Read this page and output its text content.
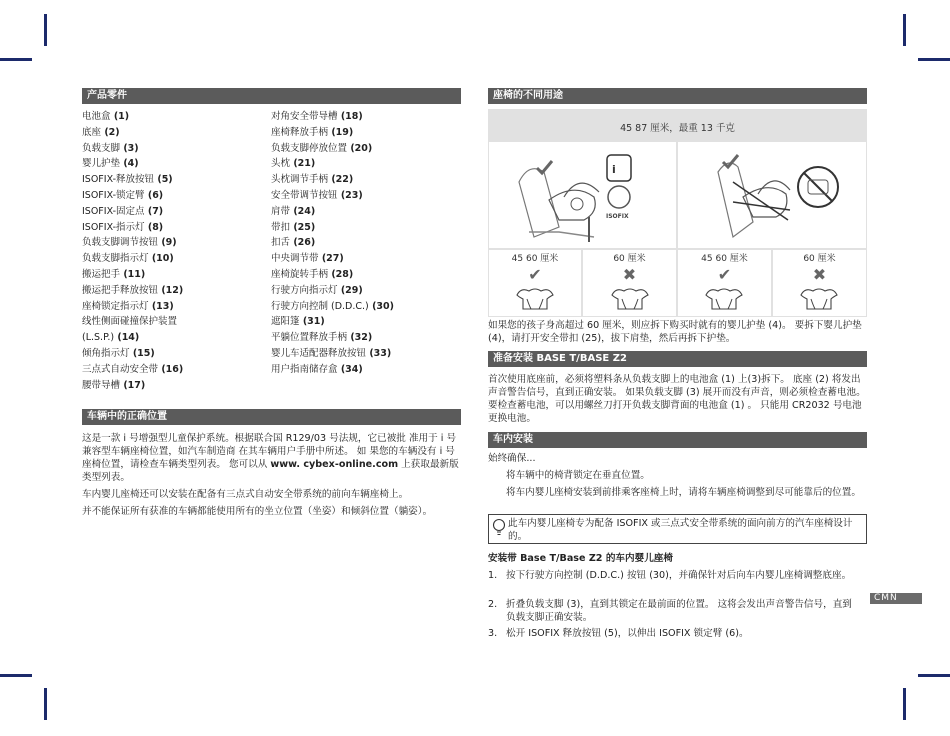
产品零件
电池盒 (1)
底座 (2)
负载支脚 (3)
婴儿护垫 (4)
ISOFIX-释放按钮 (5)
ISOFIX-锁定臂 (6)
ISOFIX-固定点 (7)
ISOFIX-指示灯 (8)
负载支脚调节按钮 (9)
负载支脚指示灯 (10)
搬运把手 (11)
搬运把手释放按钮 (12)
座椅锁定指示灯 (13)
线性侧面碰撞保护装置
(L.S.P.) (14)
倾角指示灯 (15)
三点式自动安全带 (16)
腰带导槽 (17)
对角安全带导槽 (18)
座椅释放手柄 (19)
负载支脚停放位置 (20)
头枕 (21)
头枕调节手柄 (22)
安全带调节按钮 (23)
肩带 (24)
带扣 (25)
扣舌 (26)
中央调节带 (27)
座椅旋转手柄 (28)
行驶方向指示灯 (29)
行驶方向控制 (D.D.C.) (30)
遮阳篷 (31)
平躺位置释放手柄 (32)
婴儿车适配器释放按钮 (33)
用户指南储存盒 (34)
车辆中的正确位置

这是一款 i 号增强型儿童保护系统。根据联合国 R129/03 号法规，它已被批 准用于 i 号兼容型车辆座椅位置，如汽车制造商 在其车辆用户手册中所述。 如 果您的车辆没有 i 号座椅位置，请检查车辆类型列表。 您可以从 www. cybex-online.com 上获取最新版类型列表。

车内婴儿座椅还可以安装在配备有三点式自动安全带系统的前向车辆座椅上。

并不能保证所有获准的车辆都能使用所有的坐立位置（坐姿）和倾斜位置（躺姿）。

座椅的不同用途
45 87 厘米，最重 13 千克
i
ISOFIX
45 60 厘米	60 厘米	45 60 厘米	60 厘米
✔	✖	✔	✖
如果您的孩子身高超过 60 厘米，则应拆下购买时就有的婴儿护垫 (4)。 要拆下婴儿护垫 (4)，请打开安全带扣 (25)，拔下肩垫，然后再拆下护垫。
准备安装 BASE T/BASE Z2
首次使用底座前，必须将塑料条从负载支脚上的电池盒 (1) 上(3)拆下。 底座 (2) 将发出声音警告信号，直到正确安装。 如果负载支脚 (3) 展开而没有声音，则必须检查蓄电池。 要检查蓄电池，可以用螺丝刀打开负载支脚背面的电池盒 (1) 。 只能用 CR2032 号电池更换电池。
车内安装
始终确保...
将车辆中的椅背锁定在垂直位置。
将车内婴儿座椅安装到前排乘客座椅上时，请将车辆座椅调整到尽可能靠后的位置。
此车内婴儿座椅专为配备 ISOFIX 或三点式安全带系统的面向前方的汽车座椅设计的。
安装带 Base T/Base Z2 的车内婴儿座椅
1. 按下行驶方向控制 (D.D.C.) 按钮 (30)，并确保针对后向车内婴儿座椅调整底座。
2. 折叠负载支脚 (3)，直到其锁定在最前面的位置。 这将会发出声音警告信号，直到负载支脚正确安装。
3. 松开 ISOFIX 释放按钮 (5)，以伸出 ISOFIX 锁定臂 (6)。
CMN
